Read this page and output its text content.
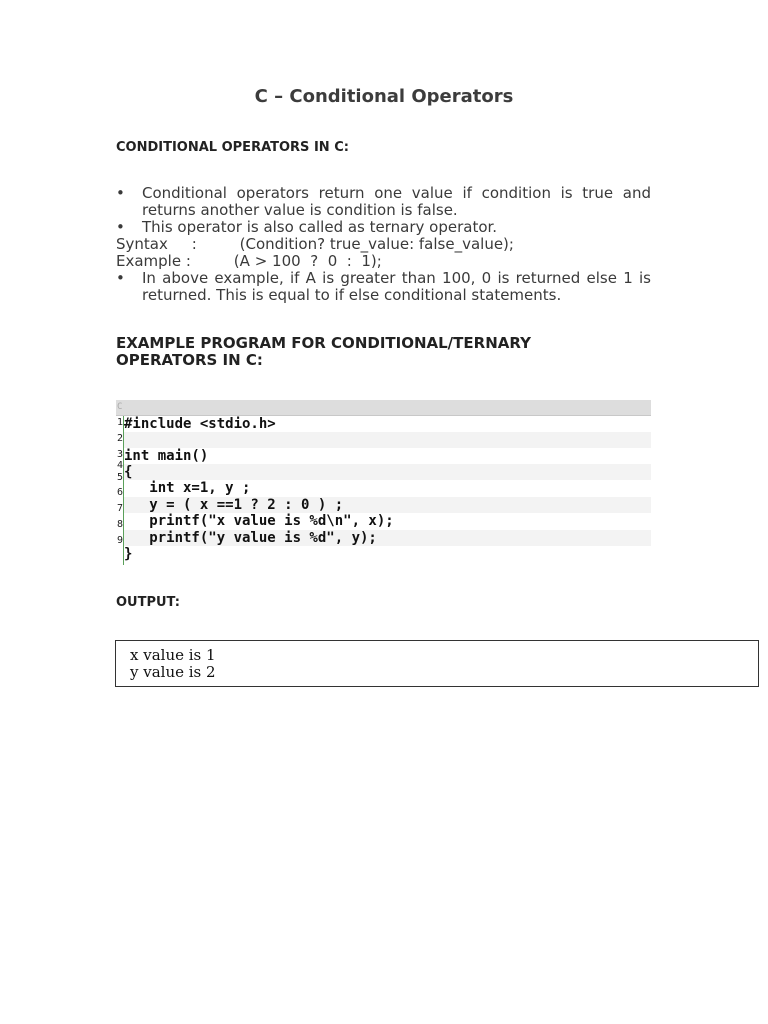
C – Conditional Operators
CONDITIONAL OPERATORS IN C:
• Conditional operators return one value if condition is true and returns another value is condition is false.
• This operator is also called as ternary operator.
Syntax     :         (Condition? true_value: false_value);
Example :         (A > 100  ?  0  :  1);
• In above example, if A is greater than 100, 0 is returned else 1 is returned. This is equal to if else conditional statements.
EXAMPLE PROGRAM FOR CONDITIONAL/TERNARY OPERATORS IN C:
C
1
2
3
4
5
6
7
8
9
#include <stdio.h>
int main()
{
int x=1, y ;
y = ( x ==1 ? 2 : 0 ) ;
printf("x value is %d\n", x);
printf("y value is %d", y);
}
OUTPUT:
x value is 1
y value is 2
